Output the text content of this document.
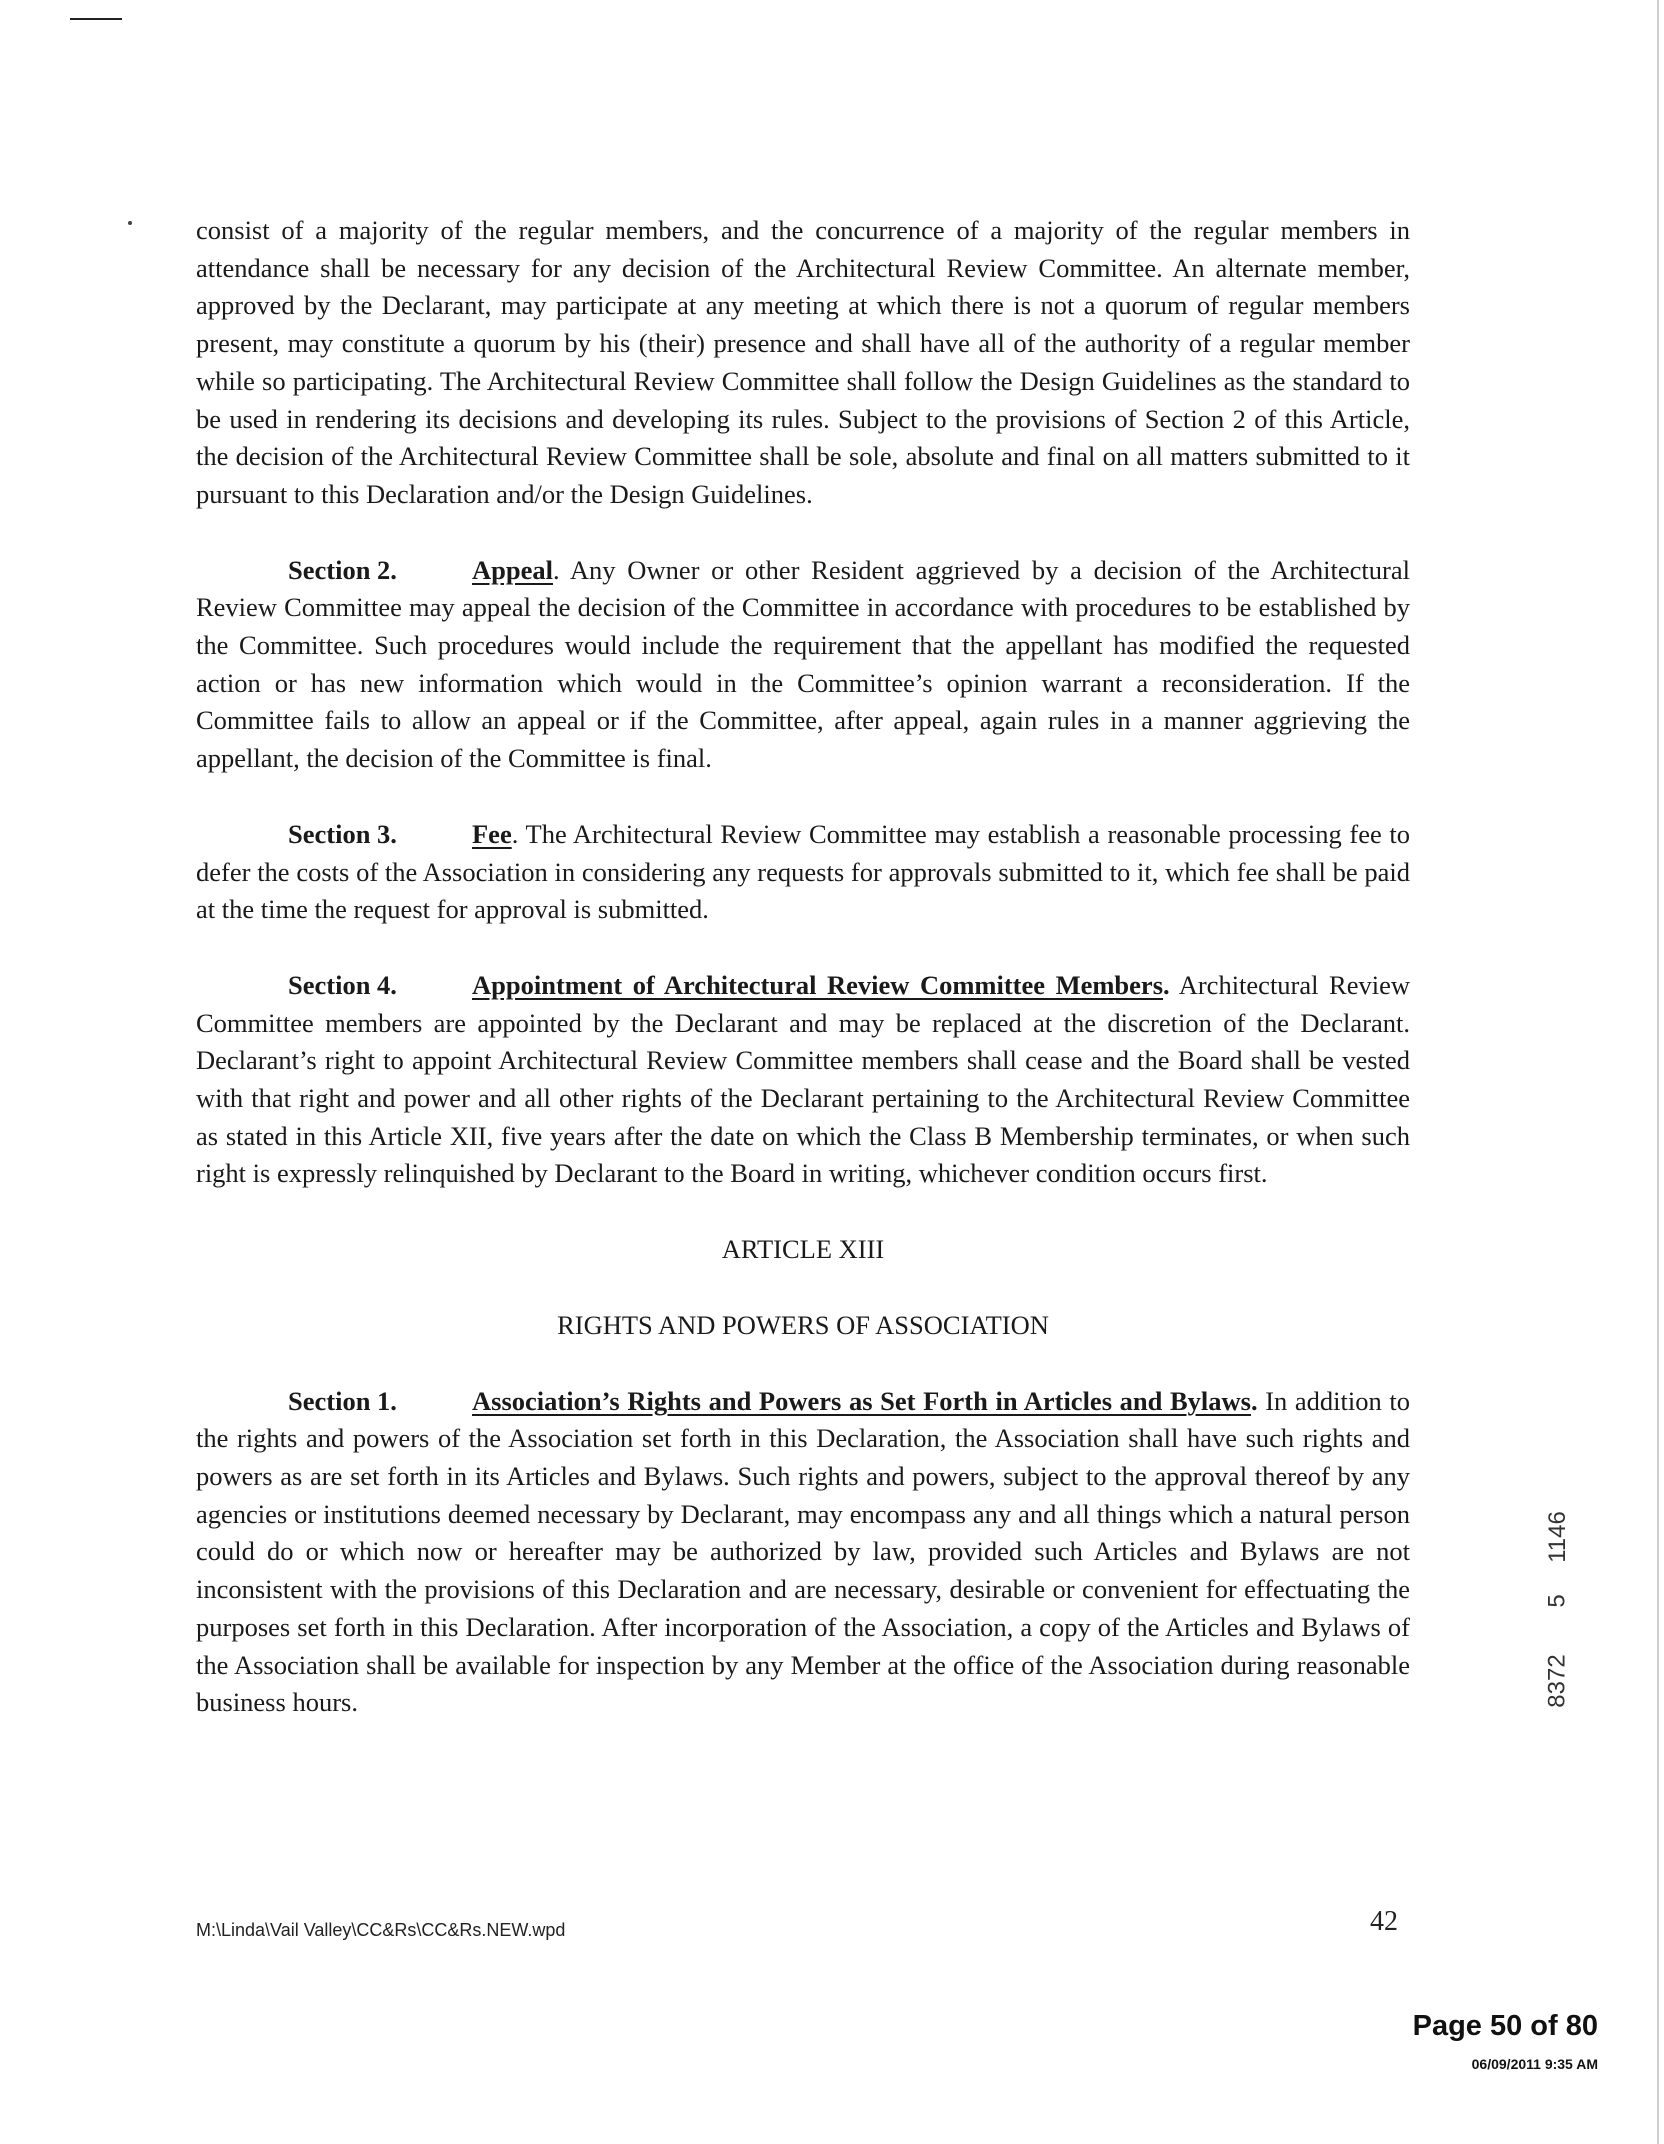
consist of a majority of the regular members, and the concurrence of a majority of the regular members in attendance shall be necessary for any decision of the Architectural Review Committee. An alternate member, approved by the Declarant, may participate at any meeting at which there is not a quorum of regular members present, may constitute a quorum by his (their) presence and shall have all of the authority of a regular member while so participating. The Architectural Review Committee shall follow the Design Guidelines as the standard to be used in rendering its decisions and developing its rules. Subject to the provisions of Section 2 of this Article, the decision of the Architectural Review Committee shall be sole, absolute and final on all matters submitted to it pursuant to this Declaration and/or the Design Guidelines.

Section 2.	Appeal. Any Owner or other Resident aggrieved by a decision of the Architectural Review Committee may appeal the decision of the Committee in accordance with procedures to be established by the Committee. Such procedures would include the requirement that the appellant has modified the requested action or has new information which would in the Committee’s opinion warrant a reconsideration. If the Committee fails to allow an appeal or if the Committee, after appeal, again rules in a manner aggrieving the appellant, the decision of the Committee is final.

Section 3.	Fee. The Architectural Review Committee may establish a reasonable processing fee to defer the costs of the Association in considering any requests for approvals submitted to it, which fee shall be paid at the time the request for approval is submitted.

Section 4.	Appointment of Architectural Review Committee Members. Architectural Review Committee members are appointed by the Declarant and may be replaced at the discretion of the Declarant. Declarant’s right to appoint Architectural Review Committee members shall cease and the Board shall be vested with that right and power and all other rights of the Declarant pertaining to the Architectural Review Committee as stated in this Article XII, five years after the date on which the Class B Membership terminates, or when such right is expressly relinquished by Declarant to the Board in writing, whichever condition occurs first.

ARTICLE XIII

RIGHTS AND POWERS OF ASSOCIATION

Section 1.	Association’s Rights and Powers as Set Forth in Articles and Bylaws. In addition to the rights and powers of the Association set forth in this Declaration, the Association shall have such rights and powers as are set forth in its Articles and Bylaws. Such rights and powers, subject to the approval thereof by any agencies or institutions deemed necessary by Declarant, may encompass any and all things which a natural person could do or which now or hereafter may be authorized by law, provided such Articles and Bylaws are not inconsistent with the provisions of this Declaration and are necessary, desirable or convenient for effectuating the purposes set forth in this Declaration. After incorporation of the Association, a copy of the Articles and Bylaws of the Association shall be available for inspection by any Member at the office of the Association during reasonable business hours.

1146
5
8372
M:\Linda\Vail Valley\CC&Rs\CC&Rs.NEW.wpd	42
Page 50 of 80
06/09/2011 9:35 AM
